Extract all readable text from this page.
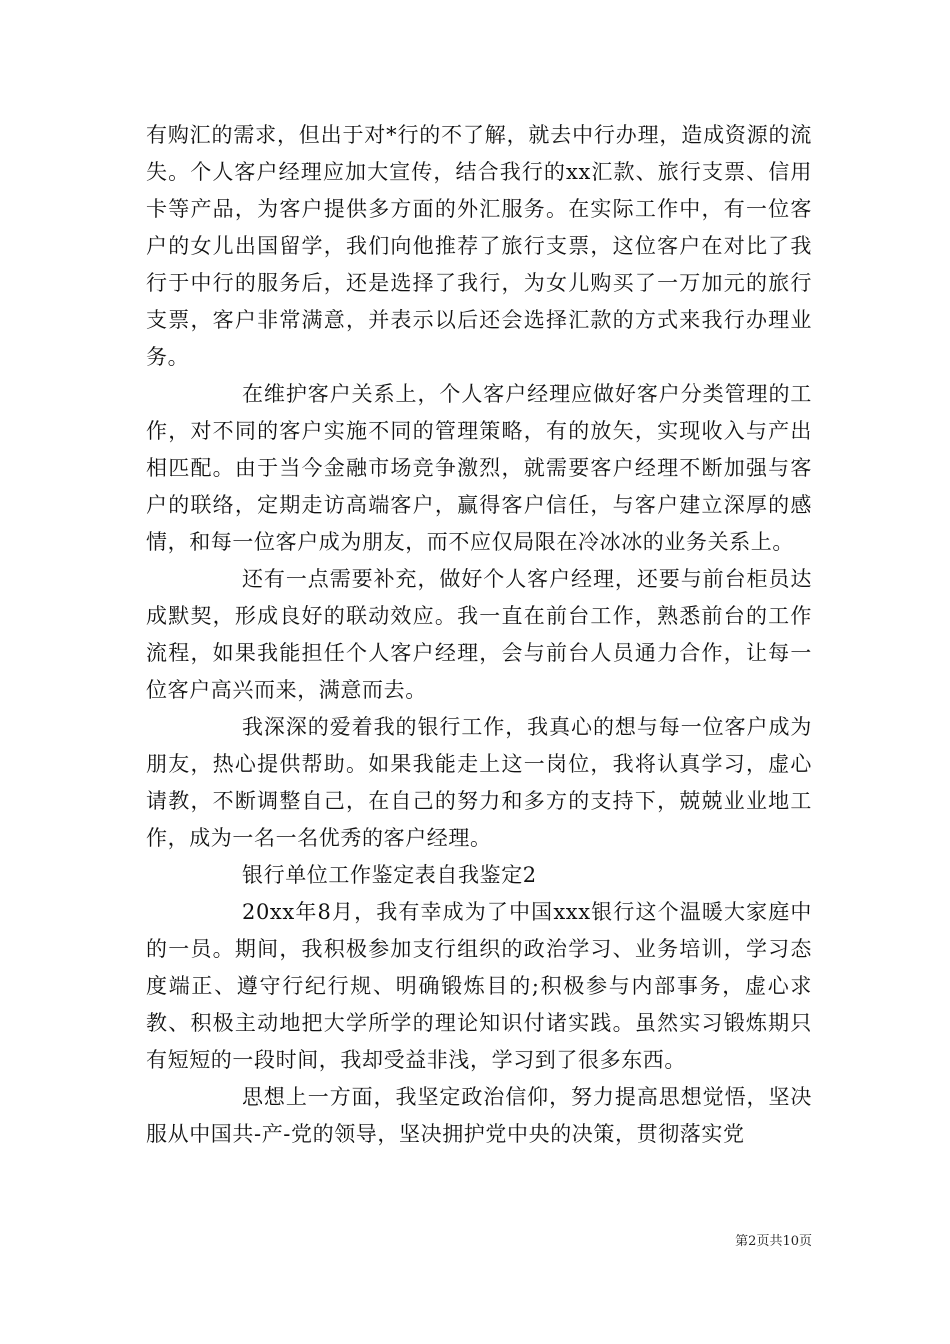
有购汇的需求，但出于对*行的不了解，就去中行办理，造成资源的流失。个人客户经理应加大宣传，结合我行的xx汇款、旅行支票、信用卡等产品，为客户提供多方面的外汇服务。在实际工作中，有一位客户的女儿出国留学，我们向他推荐了旅行支票，这位客户在对比了我行于中行的服务后，还是选择了我行，为女儿购买了一万加元的旅行支票，客户非常满意，并表示以后还会选择汇款的方式来我行办理业务。

在维护客户关系上，个人客户经理应做好客户分类管理的工作，对不同的客户实施不同的管理策略，有的放矢，实现收入与产出相匹配。由于当今金融市场竞争激烈，就需要客户经理不断加强与客户的联络，定期走访高端客户，赢得客户信任，与客户建立深厚的感情，和每一位客户成为朋友，而不应仅局限在冷冰冰的业务关系上。

还有一点需要补充，做好个人客户经理，还要与前台柜员达成默契，形成良好的联动效应。我一直在前台工作，熟悉前台的工作流程，如果我能担任个人客户经理，会与前台人员通力合作，让每一位客户高兴而来，满意而去。

我深深的爱着我的银行工作，我真心的想与每一位客户成为朋友，热心提供帮助。如果我能走上这一岗位，我将认真学习，虚心请教，不断调整自己，在自己的努力和多方的支持下，兢兢业业地工作，成为一名一名优秀的客户经理。

银行单位工作鉴定表自我鉴定2

20xx年8月，我有幸成为了中国xxx银行这个温暖大家庭中的一员。期间，我积极参加支行组织的政治学习、业务培训，学习态度端正、遵守行纪行规、明确锻炼目的;积极参与内部事务，虚心求教、积极主动地把大学所学的理论知识付诸实践。虽然实习锻炼期只有短短的一段时间，我却受益非浅，学习到了很多东西。

思想上一方面，我坚定政治信仰，努力提高思想觉悟，坚决服从中国共-产-党的领导，坚决拥护党中央的决策，贯彻落实党

第2页共10页
